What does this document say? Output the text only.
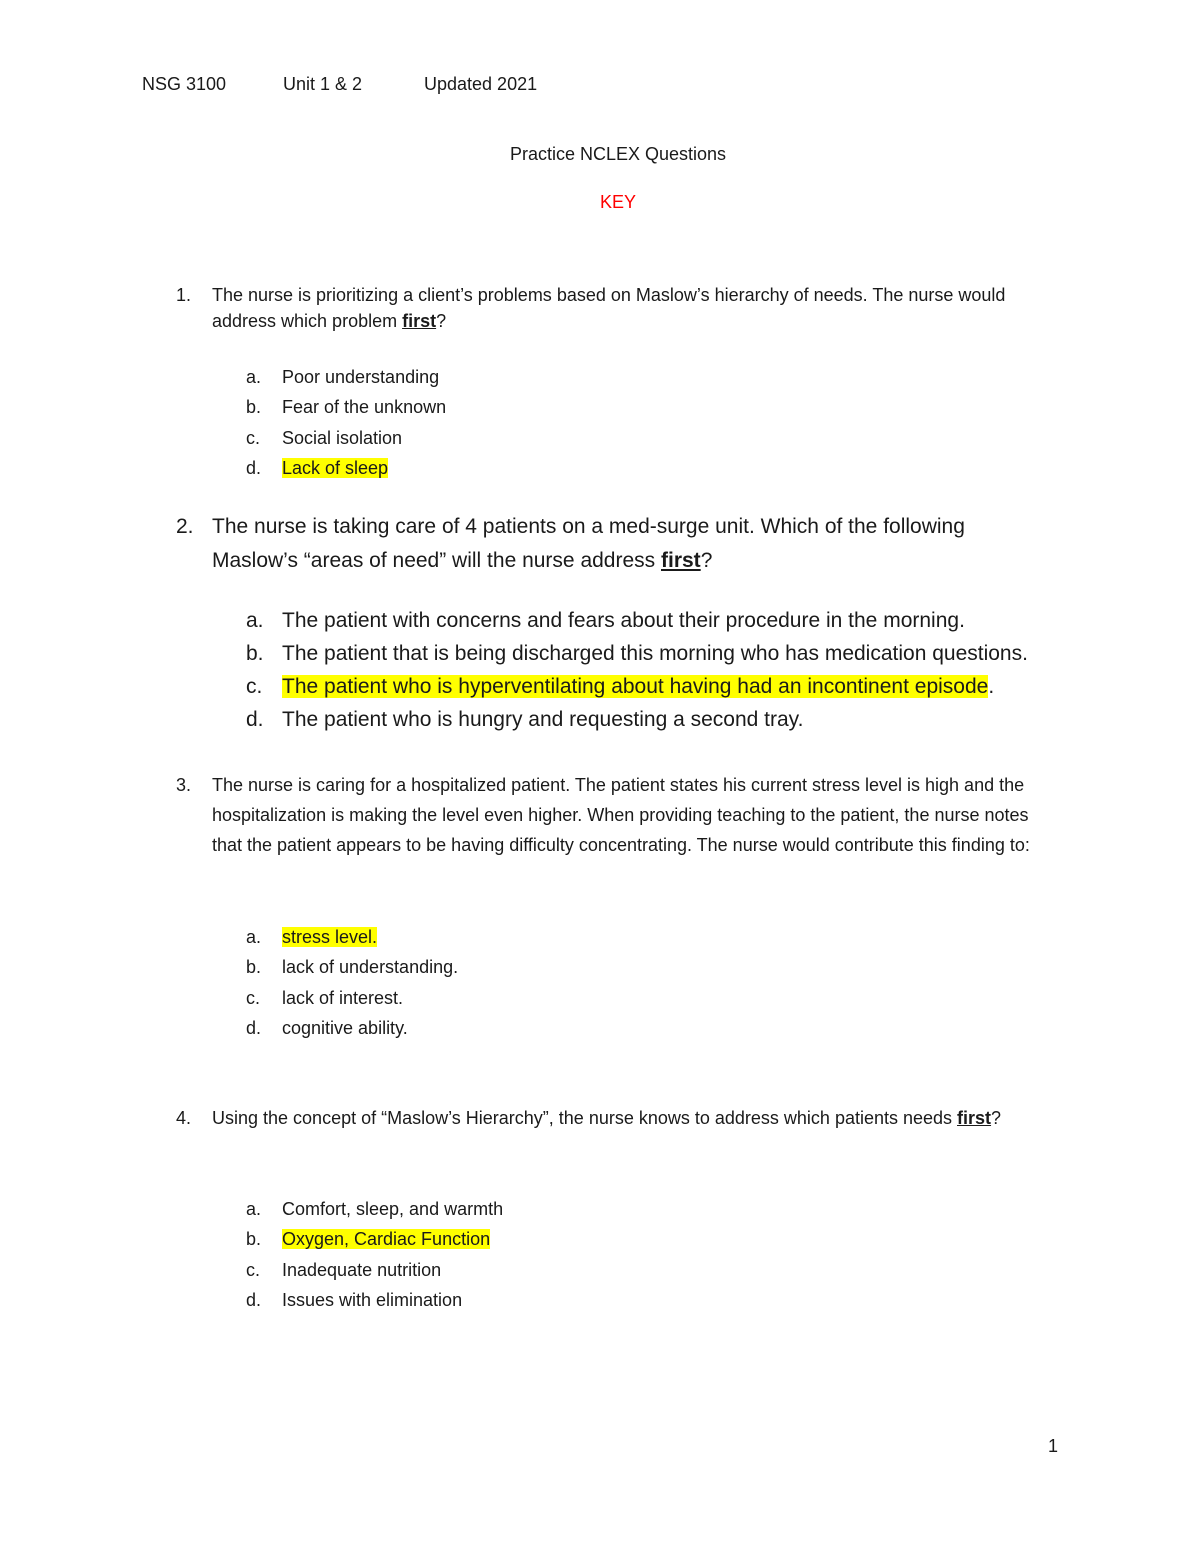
NSG 3100	Unit 1 & 2	Updated 2021
Practice NCLEX Questions
KEY
1. The nurse is prioritizing a client’s problems based on Maslow’s hierarchy of needs. The nurse would address which problem first?
a. Poor understanding
b. Fear of the unknown
c. Social isolation
d. Lack of sleep
2. The nurse is taking care of 4 patients on a med-surge unit. Which of the following Maslow’s “areas of need” will the nurse address first?
a. The patient with concerns and fears about their procedure in the morning.
b. The patient that is being discharged this morning who has medication questions.
c. The patient who is hyperventilating about having had an incontinent episode.
d. The patient who is hungry and requesting a second tray.
3. The nurse is caring for a hospitalized patient. The patient states his current stress level is high and the hospitalization is making the level even higher. When providing teaching to the patient, the nurse notes that the patient appears to be having difficulty concentrating. The nurse would contribute this finding to:
a. stress level.
b. lack of understanding.
c. lack of interest.
d. cognitive ability.
4. Using the concept of “Maslow’s Hierarchy”, the nurse knows to address which patients needs first?
a. Comfort, sleep, and warmth
b. Oxygen, Cardiac Function
c. Inadequate nutrition
d. Issues with elimination
1
